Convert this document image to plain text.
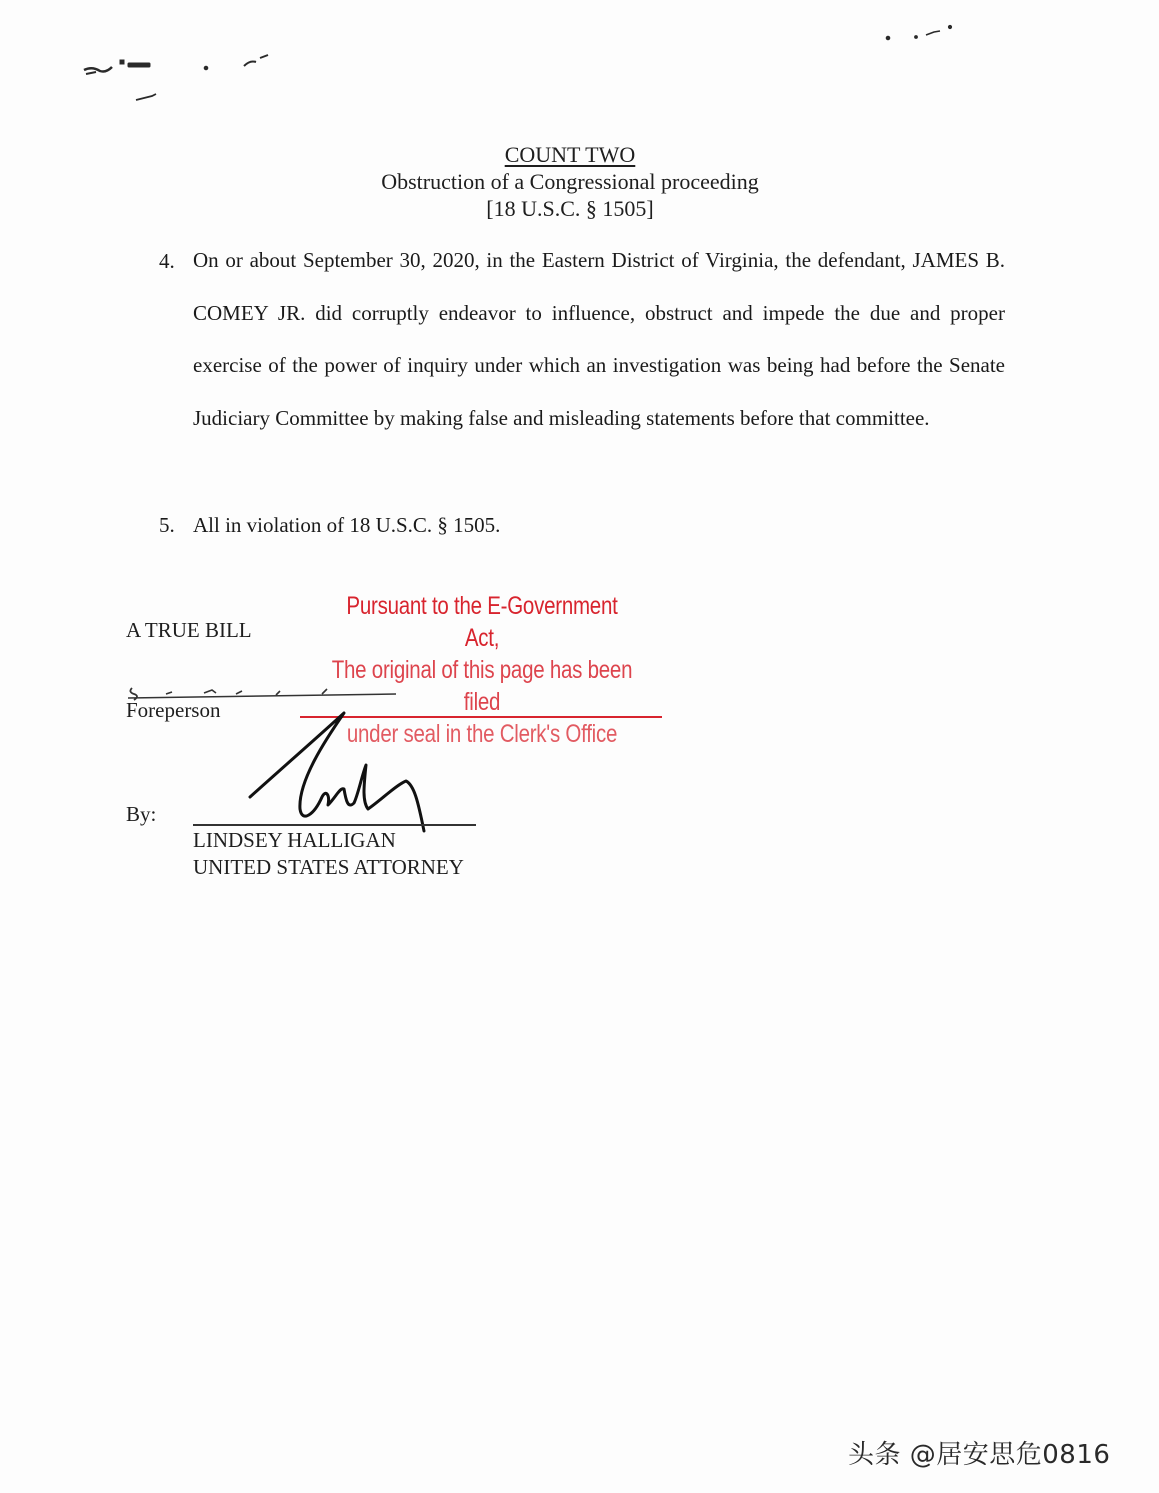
COUNT TWO
Obstruction of a Congressional proceeding
[18 U.S.C. § 1505]
4. On or about September 30, 2020, in the Eastern District of Virginia, the defendant, JAMES B. COMEY JR. did corruptly endeavor to influence, obstruct and impede the due and proper exercise of the power of inquiry under which an investigation was being had before the Senate Judiciary Committee by making false and misleading statements before that committee.
5. All in violation of 18 U.S.C. § 1505.
A TRUE BILL
Foreperson
Pursuant to the E-Government Act,
The original of this page has been filed
under seal in the Clerk's Office
By:
LINDSEY HALLIGAN
UNITED STATES ATTORNEY
头条 @居安思危0816
